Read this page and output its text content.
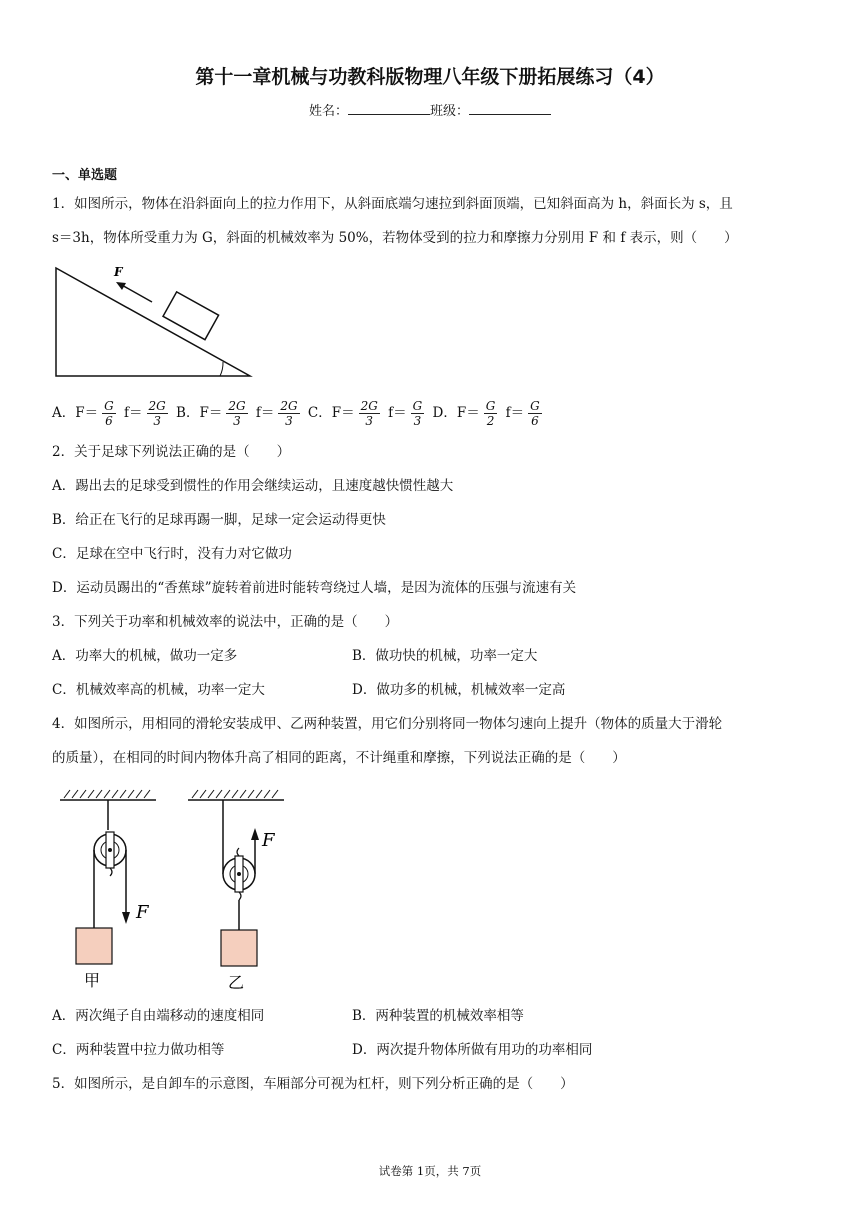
第十一章机械与功教科版物理八年级下册拓展练习（4）
姓名：	班级：
一、单选题
1．如图所示，物体在沿斜面向上的拉力作用下，从斜面底端匀速拉到斜面顶端，已知斜面高为 h，斜面长为 s，且
s＝3h，物体所受重力为 G，斜面的机械效率为 50%，若物体受到的拉力和摩擦力分别用 F 和 f 表示，则（　　）
F
A．$F= \frac{G}{6} f= \frac{2G}{3}$ B．$F= \frac{2G}{3} f= \frac{2G}{3}$ C．$F= \frac{2G}{3} f= \frac{G}{3}$ D．$F= \frac{G}{2} f= \frac{G}{6}$
2．关于足球下列说法正确的是（　　）
A．踢出去的足球受到惯性的作用会继续运动，且速度越快惯性越大
B．给正在飞行的足球再踢一脚，足球一定会运动得更快
C．足球在空中飞行时，没有力对它做功
D．运动员踢出的“香蕉球”旋转着前进时能转弯绕过人墙，是因为流体的压强与流速有关
3．下列关于功率和机械效率的说法中，正确的是（　　）
A．功率大的机械，做功一定多	B．做功快的机械，功率一定大
C．机械效率高的机械，功率一定大	D．做功多的机械，机械效率一定高
4．如图所示，用相同的滑轮安装成甲、乙两种装置，用它们分别将同一物体匀速向上提升（物体的质量大于滑轮
的质量），在相同的时间内物体升高了相同的距离，不计绳重和摩擦，下列说法正确的是（　　）
F
甲
F
乙
A．两次绳子自由端移动的速度相同	B．两种装置的机械效率相等
C．两种装置中拉力做功相等	D．两次提升物体所做有用功的功率相同
5．如图所示，是自卸车的示意图，车厢部分可视为杠杆，则下列分析正确的是（　　）
试卷第 1页，共 7页
